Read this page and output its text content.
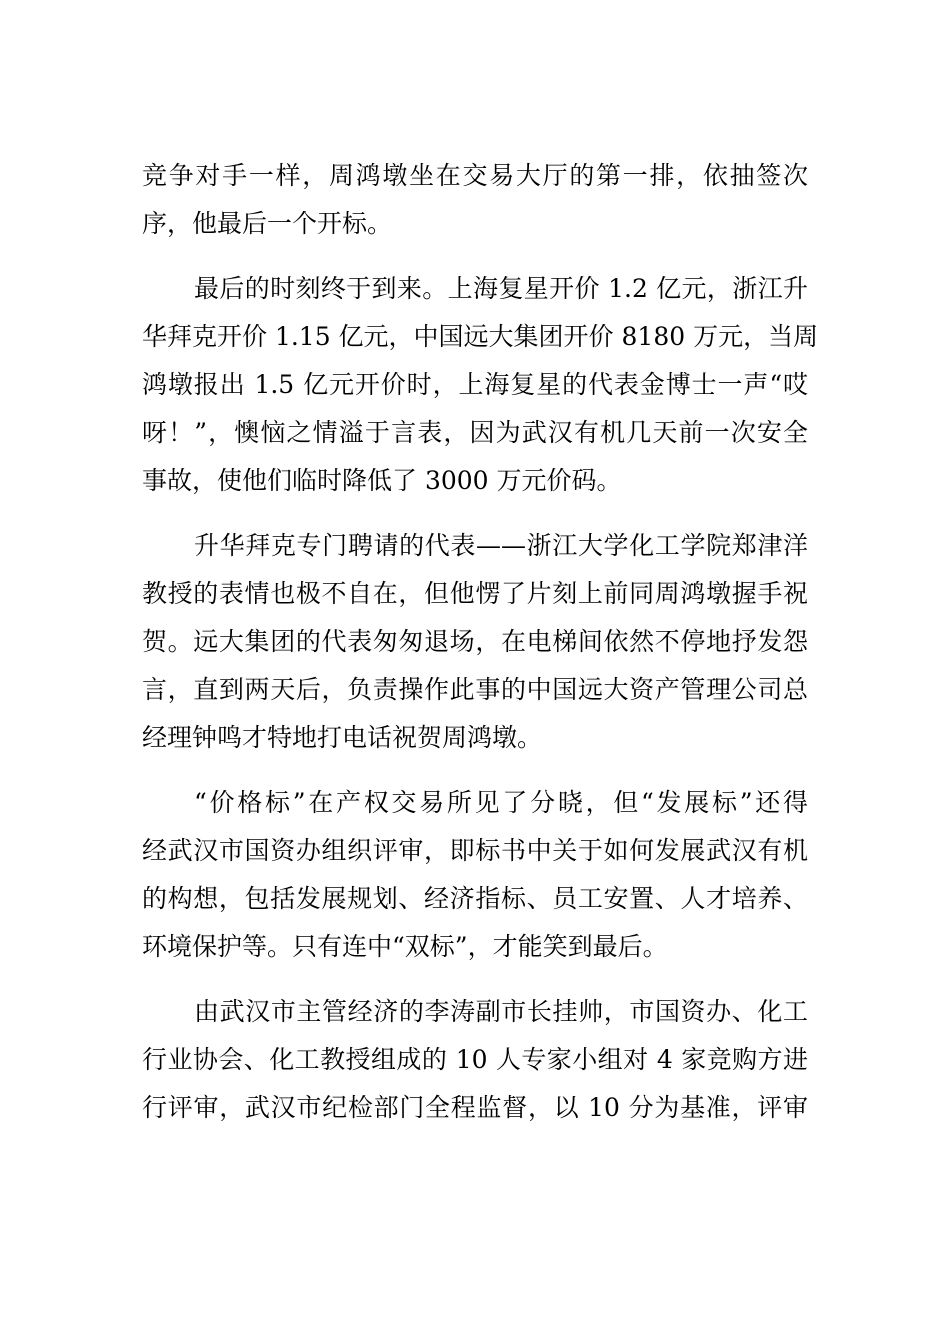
竞争对手一样，周鸿墩坐在交易大厅的第一排，依抽签次
序，他最后一个开标。
最后的时刻终于到来。上海复星开价 1.2 亿元，浙江升
华拜克开价 1.15 亿元，中国远大集团开价 8180 万元，当周
鸿墩报出 1.5 亿元开价时，上海复星的代表金博士一声“哎
呀！”，懊恼之情溢于言表，因为武汉有机几天前一次安全
事故，使他们临时降低了 3000 万元价码。
升华拜克专门聘请的代表——浙江大学化工学院郑津洋
教授的表情也极不自在，但他愣了片刻上前同周鸿墩握手祝
贺。远大集团的代表匆匆退场，在电梯间依然不停地抒发怨
言，直到两天后，负责操作此事的中国远大资产管理公司总
经理钟鸣才特地打电话祝贺周鸿墩。
“价格标”在产权交易所见了分晓，但“发展标”还得
经武汉市国资办组织评审，即标书中关于如何发展武汉有机
的构想，包括发展规划、经济指标、员工安置、人才培养、
环境保护等。只有连中“双标”，才能笑到最后。
由武汉市主管经济的李涛副市长挂帅，市国资办、化工
行业协会、化工教授组成的 10 人专家小组对 4 家竞购方进
行评审，武汉市纪检部门全程监督，以 10 分为基准，评审
